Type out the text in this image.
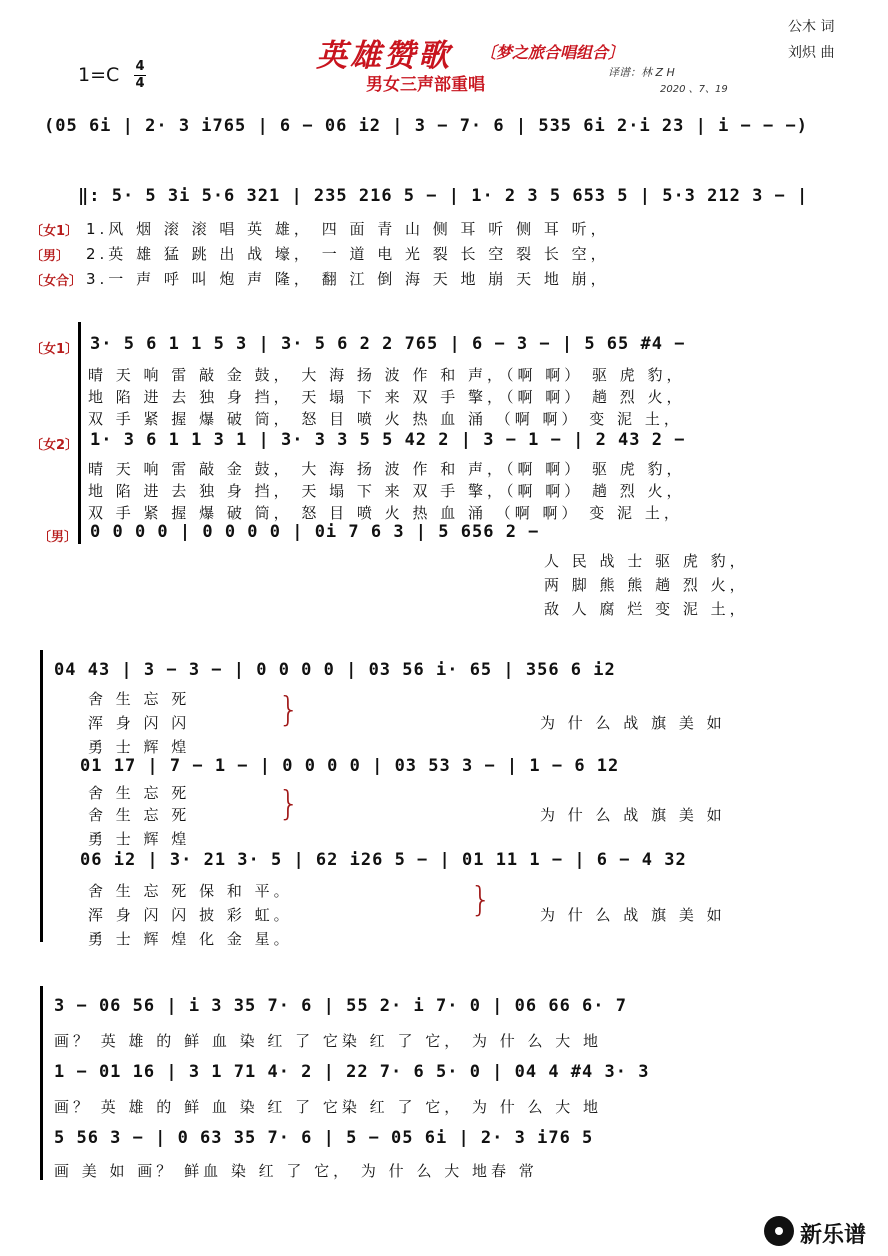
英雄赞歌 〔梦之旅合唱组合〕
男女三声部重唱
公木 词
刘炽 曲
1=C 4
4
译谱：林 Z H
2020 、7、19
(05 6i | 2· 3 i765 | 6 − 06 i2 | 3 − 7· 6 | 535 6i 2·i 23 | i − − −)
‖: 5· 5 3i 5·6 321 | 235 216 5 − | 1· 2 3 5 653 5 | 5·3 212 3 − |
〔女1〕
〔男〕
〔女合〕
1.风 烟 滚 滚 唱 英 雄， 四 面 青 山 侧 耳 听 侧 耳 听，
2.英 雄 猛 跳 出 战 壕， 一 道 电 光 裂 长 空 裂 长 空，
3.一 声 呼 叫 炮 声 隆， 翻 江 倒 海 天 地 崩 天 地 崩，
〔女1〕 3· 5 6 1 1 5 3 | 3· 5 6 2 2 765 | 6 − 3 − | 5 65 #4 −
晴 天 响 雷 敲 金 鼓， 大 海 扬 波 作 和 声，（啊 啊） 驱 虎 豹，
地 陷 进 去 独 身 挡， 天 塌 下 来 双 手 擎，（啊 啊） 趟 烈 火，
双 手 紧 握 爆 破 筒， 怒 目 喷 火 热 血 涌 （啊 啊） 变 泥 土，
〔女2〕 1· 3 6 1 1 3 1 | 3· 3 3 5 5 42 2 | 3 − 1 − | 2 43 2 −
晴 天 响 雷 敲 金 鼓， 大 海 扬 波 作 和 声，（啊 啊） 驱 虎 豹，
地 陷 进 去 独 身 挡， 天 塌 下 来 双 手 擎，（啊 啊） 趟 烈 火，
双 手 紧 握 爆 破 筒， 怒 目 喷 火 热 血 涌 （啊 啊） 变 泥 土，
〔男〕 0 0 0 0 | 0 0 0 0 | 0i 7 6 3 | 5 656 2 −
人 民 战 士 驱 虎 豹，
两 脚 熊 熊 趟 烈 火，
敌 人 腐 烂 变 泥 土，
04 43 | 3 − 3 − | 0 0 0 0 | 03 56 i· 65 | 356 6 i2
舍 生 忘 死
浑 身 闪 闪
勇 士 辉 煌
}	为 什 么 战 旗 美 如
01 17 | 7 − 1 − | 0 0 0 0 | 03 53 3 − | 1 − 6 12
舍 生 忘 死
舍 生 忘 死
勇 士 辉 煌
}	为 什 么 战 旗 美 如
06 i2 | 3· 21 3· 5 | 62 i26 5 − | 01 11 1 − | 6 − 4 32
舍 生 忘 死 保 和 平。
浑 身 闪 闪 披 彩 虹。
勇 士 辉 煌 化 金 星。
}	为 什 么 战 旗 美 如
3 − 06 56 | i 3 35 7· 6 | 55 2· i 7· 0 | 06 66 6· 7
画？ 英 雄 的 鲜 血 染 红 了 它染 红 了 它， 为 什 么 大 地
1 − 01 16 | 3 1 71 4· 2 | 22 7· 6 5· 0 | 04 4 #4 3· 3
画？ 英 雄 的 鲜 血 染 红 了 它染 红 了 它， 为 什 么 大 地
5 56 3 − | 0 63 35 7· 6 | 5 − 05 6i | 2· 3 i76 5
画 美 如 画？ 鲜血 染 红 了 它， 为 什 么 大 地春 常
新乐谱
